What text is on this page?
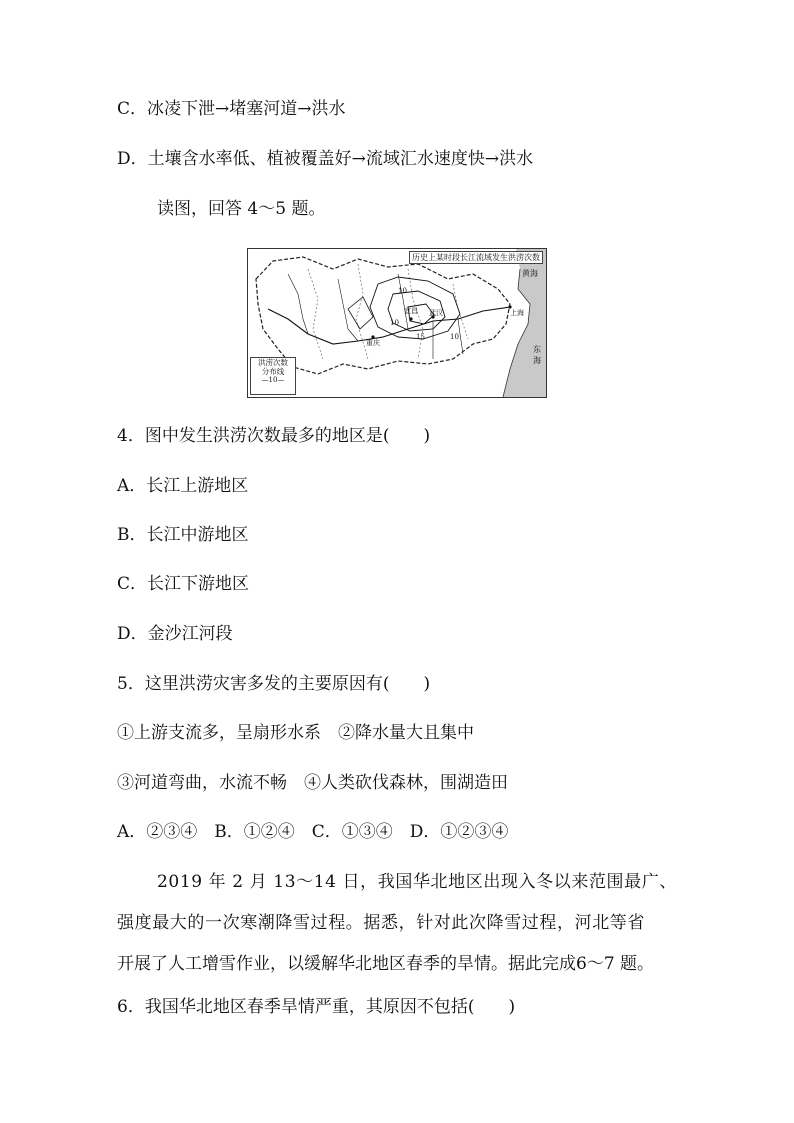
C．冰凌下泄→堵塞河道→洪水
D．土壤含水率低、植被覆盖好→流域汇水速度快→洪水
读图，回答 4～5 题。
历史上某时段长江流域发生洪涝次数
黄海
东
海
宜昌 武汉
重庆
上海
10
10
15	10
洪涝次数
分布线
—10—
4．图中发生洪涝次数最多的地区是(　　)
A．长江上游地区
B．长江中游地区
C．长江下游地区
D．金沙江河段
5．这里洪涝灾害多发的主要原因有(　　)
①上游支流多，呈扇形水系　②降水量大且集中
③河道弯曲，水流不畅　④人类砍伐森林，围湖造田
A．②③④　B．①②④　C．①③④　D．①②③④
2019 年 2 月 13～14 日，我国华北地区出现入冬以来范围最广、
强度最大的一次寒潮降雪过程。据悉，针对此次降雪过程，河北等省
开展了人工增雪作业，以缓解华北地区春季的旱情。据此完成6～7 题。
6．我国华北地区春季旱情严重，其原因不包括(　　)
